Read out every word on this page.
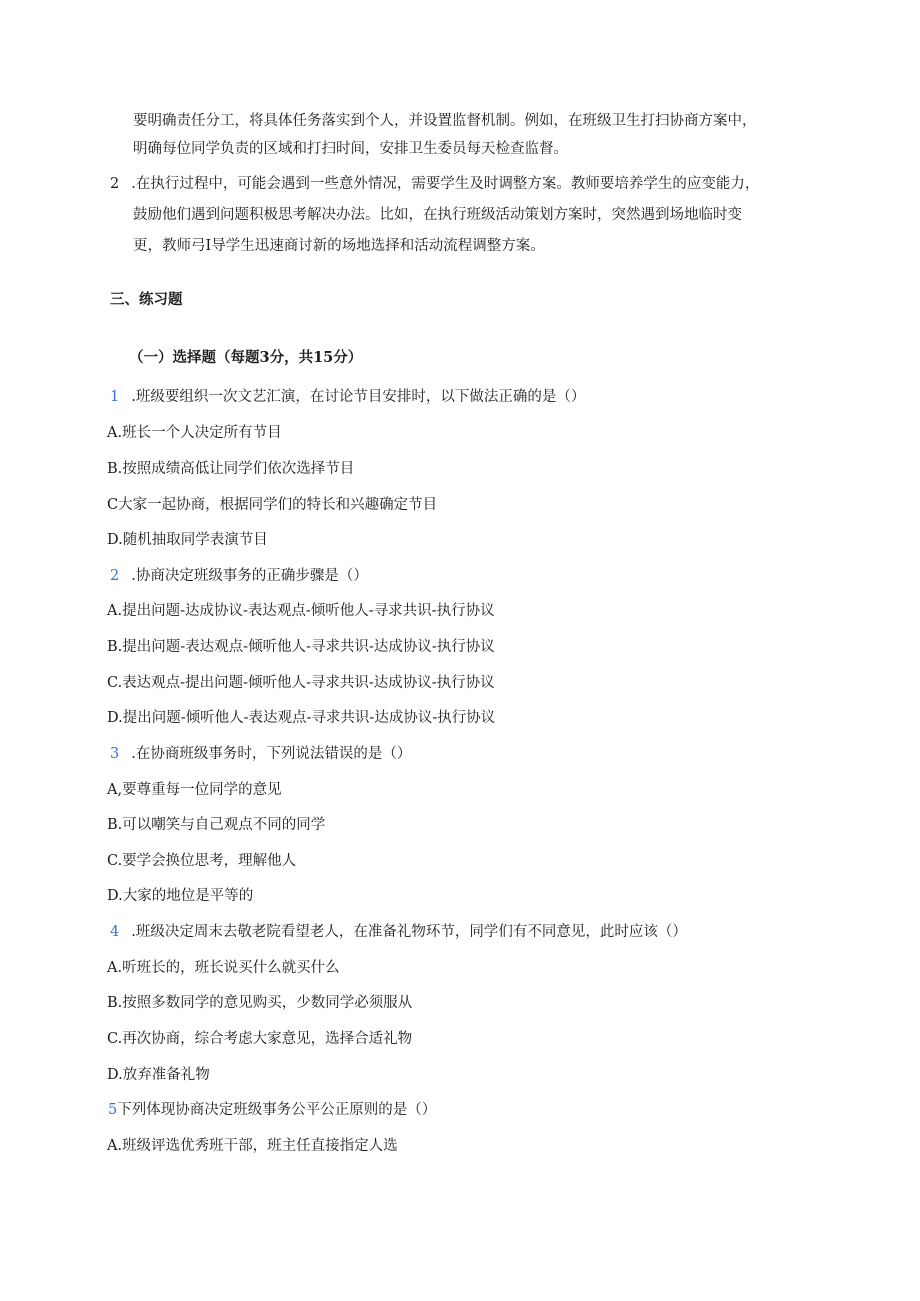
要明确责任分工，将具体任务落实到个人，并设置监督机制。例如，在班级卫生打扫协商方案中，
明确每位同学负责的区域和打扫时间，安排卫生委员每天检查监督。
2 .在执行过程中，可能会遇到一些意外情况，需要学生及时调整方案。教师要培养学生的应变能力，
鼓励他们遇到问题积极思考解决办法。比如，在执行班级活动策划方案时，突然遇到场地临时变
更，教师弓I导学生迅速商讨新的场地选择和活动流程调整方案。
三、练习题
（一）选择题（每题3分，共15分）
1 .班级要组织一次文艺汇演，在讨论节目安排时，以下做法正确的是（）
A.班长一个人决定所有节目
B.按照成绩高低让同学们依次选择节目
C大家一起协商，根据同学们的特长和兴趣确定节目
D.随机抽取同学表演节目
2 .协商决定班级事务的正确步骤是（）
A.提出问题-达成协议-表达观点-倾听他人-寻求共识-执行协议
B.提出问题-表达观点-倾听他人-寻求共识-达成协议-执行协议
C.表达观点-提出问题-倾听他人-寻求共识-达成协议-执行协议
D.提出问题-倾听他人-表达观点-寻求共识-达成协议-执行协议
3 .在协商班级事务时，下列说法错误的是（）
A,要尊重每一位同学的意见
B.可以嘲笑与自己观点不同的同学
C.要学会换位思考，理解他人
D.大家的地位是平等的
4 .班级决定周末去敬老院看望老人，在准备礼物环节，同学们有不同意见，此时应该（）
A.听班长的，班长说买什么就买什么
B.按照多数同学的意见购买，少数同学必须服从
C.再次协商，综合考虑大家意见，选择合适礼物
D.放弃准备礼物
5下列体现协商决定班级事务公平公正原则的是（）
A.班级评选优秀班干部，班主任直接指定人选
